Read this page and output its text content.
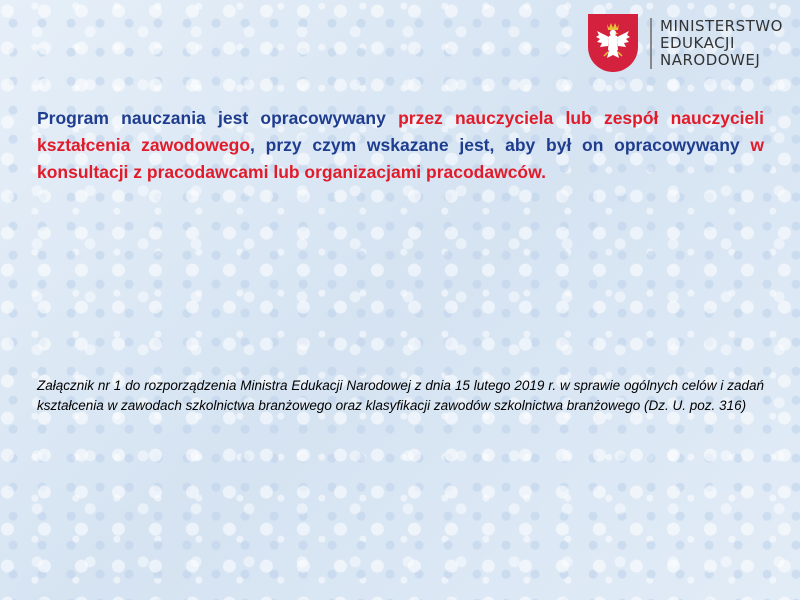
MINISTERSTWO
EDUKACJI
NARODOWEJ

Program nauczania jest opracowywany przez nauczyciela lub zespół nauczycieli kształcenia zawodowego, przy czym wskazane jest, aby był on opracowywany w konsultacji z pracodawcami lub organizacjami pracodawców.

Załącznik nr 1 do rozporządzenia Ministra Edukacji Narodowej z dnia 15 lutego 2019 r. w sprawie ogólnych celów i zadań kształcenia w zawodach szkolnictwa branżowego oraz klasyfikacji zawodów szkolnictwa branżowego (Dz. U. poz. 316)
